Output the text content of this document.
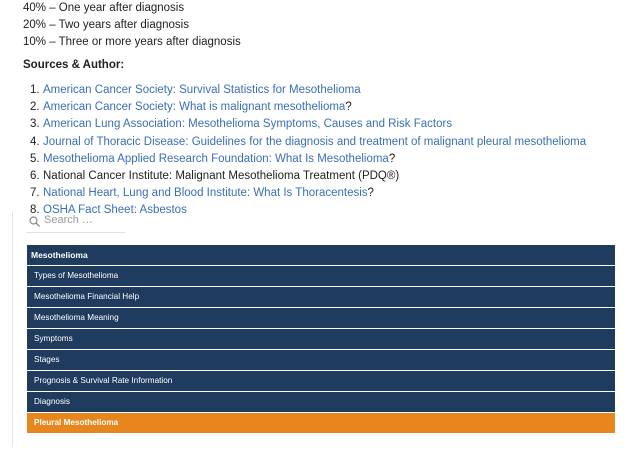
40% – One year after diagnosis
20% – Two years after diagnosis
10% – Three or more years after diagnosis
Sources & Author:
1. American Cancer Society: Survival Statistics for Mesothelioma
2. American Cancer Society: What is malignant mesothelioma?
3. American Lung Association: Mesothelioma Symptoms, Causes and Risk Factors
4. Journal of Thoracic Disease: Guidelines for the diagnosis and treatment of malignant pleural mesothelioma
5. Mesothelioma Applied Research Foundation: What Is Mesothelioma?
6. National Cancer Institute: Malignant Mesothelioma Treatment (PDQ®)
7. National Heart, Lung and Blood Institute: What Is Thoracentesis?
8. OSHA Fact Sheet: Asbestos
Search …
Mesothelioma
Types of Mesothelioma
Mesothelioma Financial Help
Mesothelioma Meaning
Symptoms
Stages
Prognosis & Survival Rate Information
Diagnosis
Pleural Mesothelioma
